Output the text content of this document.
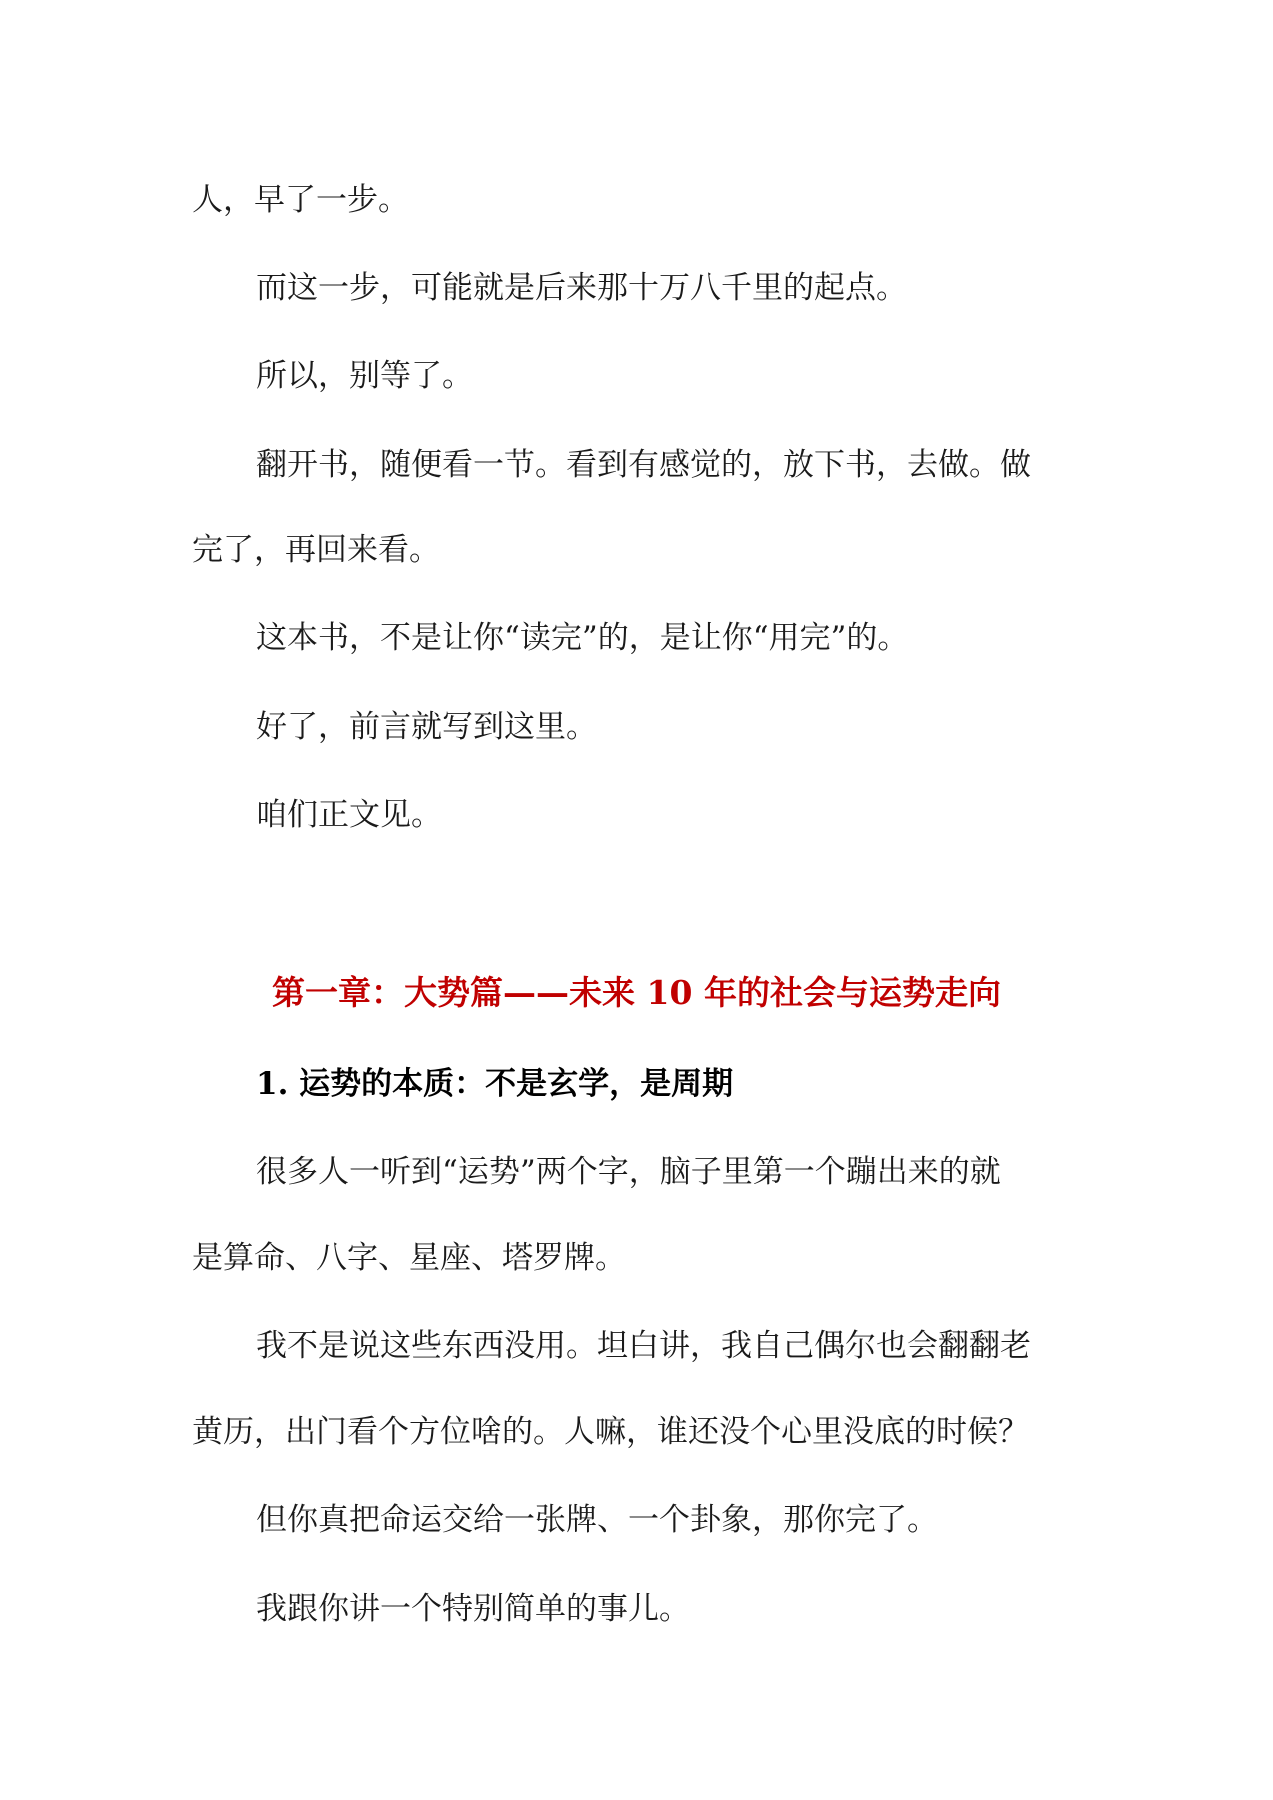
人，早了一步。
而这一步，可能就是后来那十万八千里的起点。
所以，别等了。
翻开书，随便看一节。看到有感觉的，放下书，去做。做
完了，再回来看。
这本书，不是让你“读完”的，是让你“用完”的。
好了，前言就写到这里。
咱们正文见。
第一章：大势篇——未来 10 年的社会与运势走向
1. 运势的本质：不是玄学，是周期
很多人一听到“运势”两个字，脑子里第一个蹦出来的就
是算命、八字、星座、塔罗牌。
我不是说这些东西没用。坦白讲，我自己偶尔也会翻翻老
黄历，出门看个方位啥的。人嘛，谁还没个心里没底的时候？
但你真把命运交给一张牌、一个卦象，那你完了。
我跟你讲一个特别简单的事儿。
